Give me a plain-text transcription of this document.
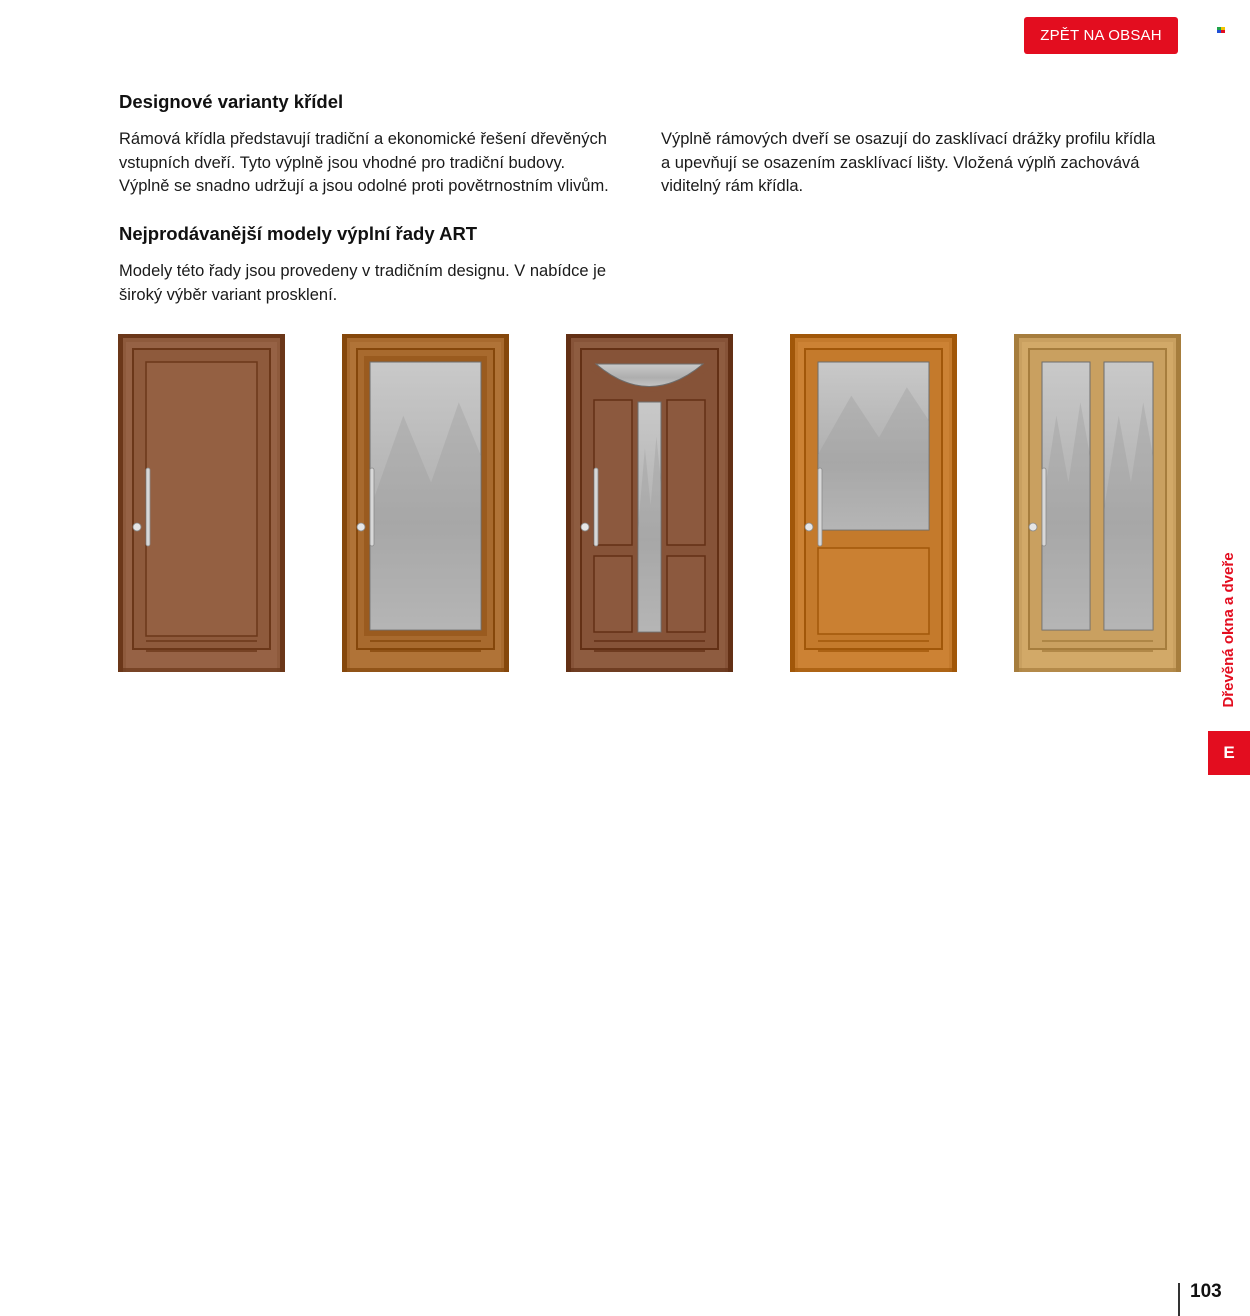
ZPĚT NA OBSAH
Designové varianty křídel

Rámová křídla představují tradiční a ekonomické řešení dřevěných
vstupních dveří. Tyto výplně jsou vhodné pro tradiční budovy.
Výplně se snadno udržují a jsou odolné proti povětrnostním vlivům.

Výplně rámových dveří se osazují do zasklívací drážky profilu křídla
a upevňují se osazením zasklívací lišty. Vložená výplň zachovává
viditelný rám křídla.

Nejprodávanější modely výplní řady ART

Modely této řady jsou provedeny v tradičním designu. V nabídce je
široký výběr variant prosklení.

Dřevěná okna a dveře
E
103
